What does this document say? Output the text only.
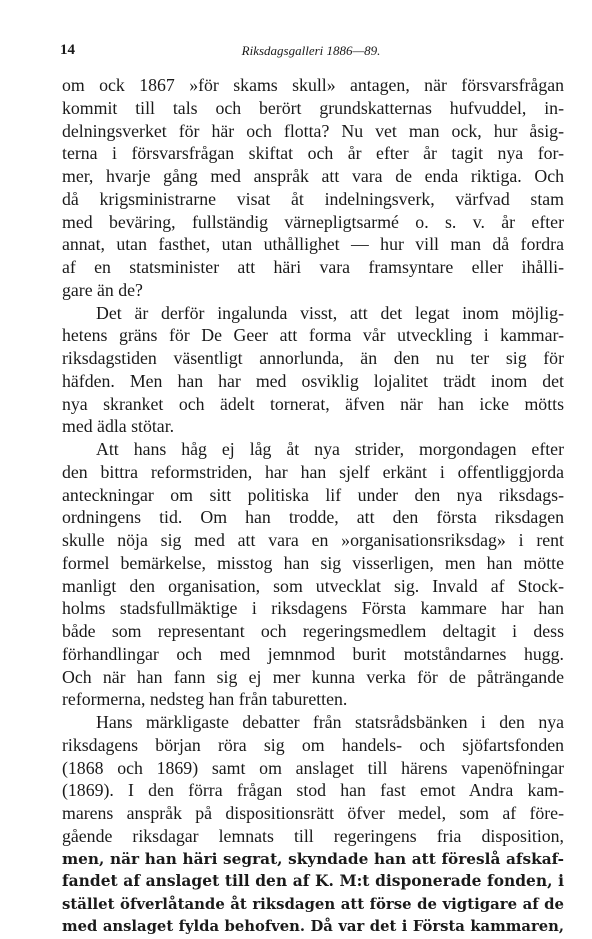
14	Riksdagsgalleri 1886—89.
om ock 1867 »för skams skull» antagen, när försvarsfrågan
kommit till tals och berört grundskatternas hufvuddel, in-
delningsverket för här och flotta? Nu vet man ock, hur åsig-
terna i försvarsfrågan skiftat och år efter år tagit nya for-
mer, hvarje gång med anspråk att vara de enda riktiga. Och
då krigsministrarne visat åt indelningsverk, värfvad stam
med beväring, fullständig värnepligtsarmé o. s. v. år efter
annat, utan fasthet, utan uthållighet — hur vill man då fordra
af en statsminister att häri vara framsyntare eller ihålli-
gare än de?
Det är derför ingalunda visst, att det legat inom möjlig-
hetens gräns för De Geer att forma vår utveckling i kammar-
riksdagstiden väsentligt annorlunda, än den nu ter sig för
häfden. Men han har med osviklig lojalitet trädt inom det
nya skranket och ädelt tornerat, äfven när han icke mötts
med ädla stötar.
Att hans håg ej låg åt nya strider, morgondagen efter
den bittra reformstriden, har han sjelf erkänt i offentliggjorda
anteckningar om sitt politiska lif under den nya riksdags-
ordningens tid. Om han trodde, att den första riksdagen
skulle nöja sig med att vara en »organisationsriksdag» i rent
formel bemärkelse, misstog han sig visserligen, men han mötte
manligt den organisation, som utvecklat sig. Invald af Stock-
holms stadsfullmäktige i riksdagens Första kammare har han
både som representant och regeringsmedlem deltagit i dess
förhandlingar och med jemnmod burit motståndarnes hugg.
Och när han fann sig ej mer kunna verka för de påträngande
reformerna, nedsteg han från taburetten.
Hans märkligaste debatter från statsrådsbänken i den nya
riksdagens början röra sig om handels- och sjöfartsfonden
(1868 och 1869) samt om anslaget till härens vapenöfningar
(1869). I den förra frågan stod han fast emot Andra kam-
marens anspråk på dispositionsrätt öfver medel, som af före-
gående riksdagar lemnats till regeringens fria disposition,
men, när han häri segrat, skyndade han att föreslå afskaf-
fandet af anslaget till den af K. M:t disponerade fonden, i
stället öfverlåtande åt riksdagen att förse de vigtigare af de
med anslaget fylda behofven. Då var det i Första kammaren,
